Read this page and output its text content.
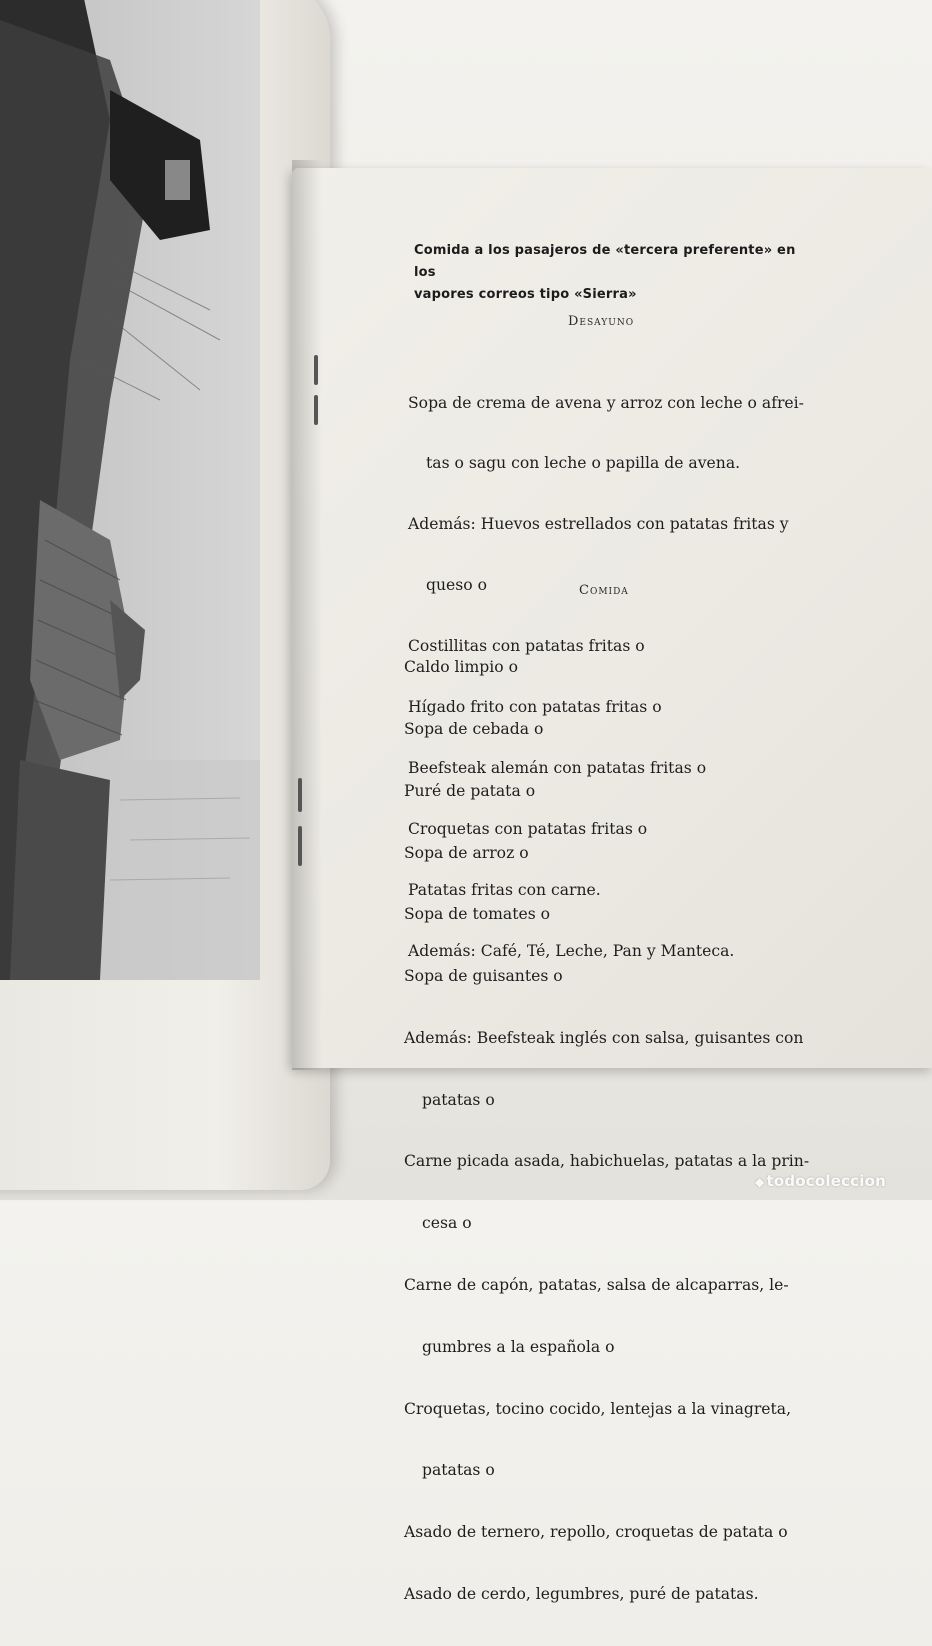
Comida a los pasajeros de «tercera preferente» en los
vapores correos tipo «Sierra»
Desayuno

Sopa de crema de avena y arroz con leche o afrei-

tas o sagu con leche o papilla de avena.

Además: Huevos estrellados con patatas fritas y

queso o

Costillitas con patatas fritas o

Hígado frito con patatas fritas o

Beefsteak alemán con patatas fritas o

Croquetas con patatas fritas o

Patatas fritas con carne.

Además: Café, Té, Leche, Pan y Manteca.

Comida

Caldo limpio o

Sopa de cebada o

Puré de patata o

Sopa de arroz o

Sopa de tomates o

Sopa de guisantes o

Además: Beefsteak inglés con salsa, guisantes con

patatas o

Carne picada asada, habichuelas, patatas a la prin-

cesa o

Carne de capón, patatas, salsa de alcaparras, le-

gumbres a la española o

Croquetas, tocino cocido, lentejas a la vinagreta,

patatas o

Asado de ternero, repollo, croquetas de patata o

Asado de cerdo, legumbres, puré de patatas.

◆ todocoleccion
